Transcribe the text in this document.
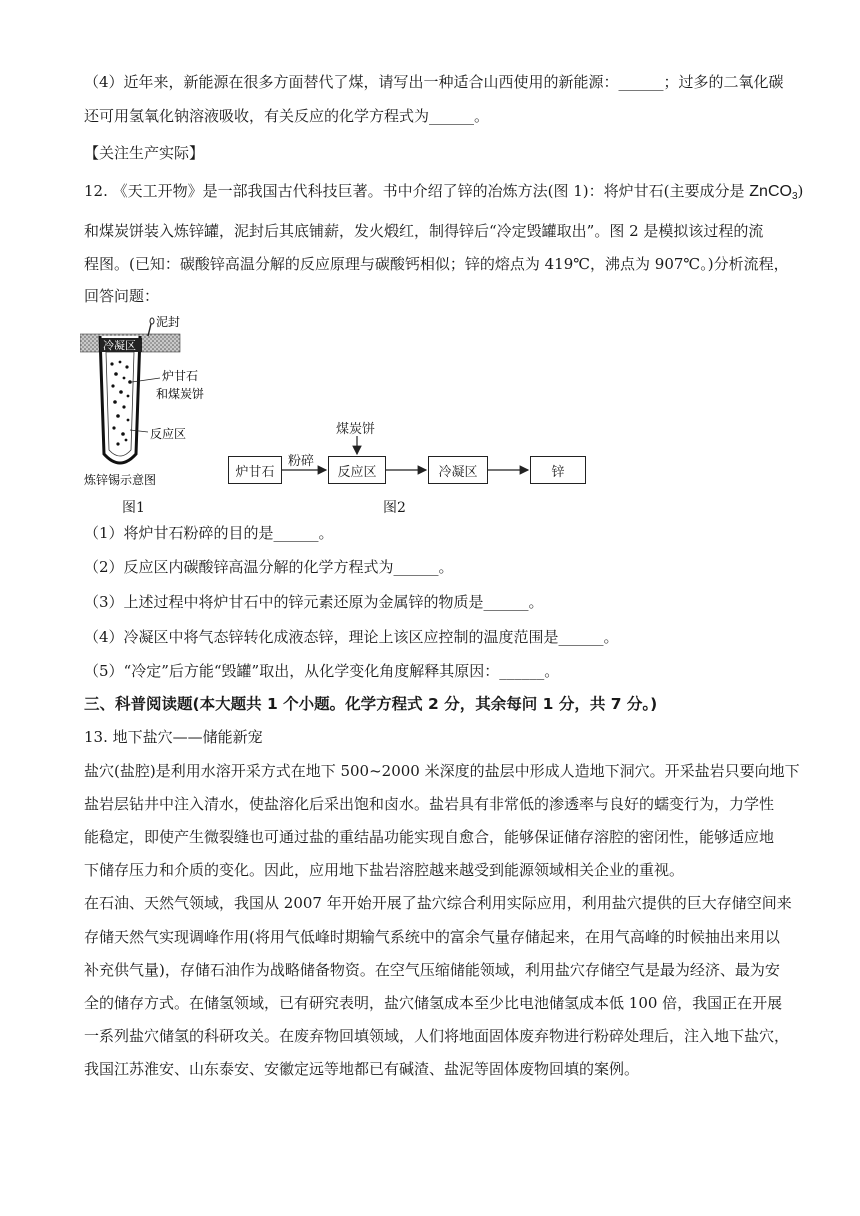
（4）近年来，新能源在很多方面替代了煤，请写出一种适合山西使用的新能源：______；过多的二氧化碳
还可用氢氧化钠溶液吸收，有关反应的化学方程式为______。
【关注生产实际】
12. 《天工开物》是一部我国古代科技巨著。书中介绍了锌的冶炼方法(图 1)：将炉甘石(主要成分是 ZnCO$_3$)
和煤炭饼装入炼锌罐，泥封后其底铺薪，发火煅红，制得锌后“冷定毁罐取出”。图 2 是模拟该过程的流
程图。(已知：碳酸锌高温分解的反应原理与碳酸钙相似；锌的熔点为 419℃，沸点为 907℃。)分析流程，
回答问题：
冷凝区
泥封
炉甘石
和煤炭饼
反应区
炼锌锡示意图
图1
炉甘石
粉碎
煤炭饼
反应区	冷凝区	锌
图2
（1）将炉甘石粉碎的目的是______。
（2）反应区内碳酸锌高温分解的化学方程式为______。
（3）上述过程中将炉甘石中的锌元素还原为金属锌的物质是______。
（4）冷凝区中将气态锌转化成液态锌，理论上该区应控制的温度范围是______。
（5）“冷定”后方能“毁罐”取出，从化学变化角度解释其原因：______。
三、科普阅读题(本大题共 1 个小题。化学方程式 2 分，其余每问 1 分，共 7 分。)
13. 地下盐穴——储能新宠
盐穴(盐腔)是利用水溶开采方式在地下 500~2000 米深度的盐层中形成人造地下洞穴。开采盐岩只要向地下
盐岩层钻井中注入清水，使盐溶化后采出饱和卤水。盐岩具有非常低的渗透率与良好的蠕变行为，力学性
能稳定，即使产生微裂缝也可通过盐的重结晶功能实现自愈合，能够保证储存溶腔的密闭性，能够适应地
下储存压力和介质的变化。因此，应用地下盐岩溶腔越来越受到能源领域相关企业的重视。
在石油、天然气领域，我国从 2007 年开始开展了盐穴综合利用实际应用，利用盐穴提供的巨大存储空间来
存储天然气实现调峰作用(将用气低峰时期输气系统中的富余气量存储起来，在用气高峰的时候抽出来用以
补充供气量)，存储石油作为战略储备物资。在空气压缩储能领域，利用盐穴存储空气是最为经济、最为安
全的储存方式。在储氢领域，已有研究表明，盐穴储氢成本至少比电池储氢成本低 100 倍，我国正在开展
一系列盐穴储氢的科研攻关。在废弃物回填领域，人们将地面固体废弃物进行粉碎处理后，注入地下盐穴，
我国江苏淮安、山东泰安、安徽定远等地都已有碱渣、盐泥等固体废物回填的案例。
